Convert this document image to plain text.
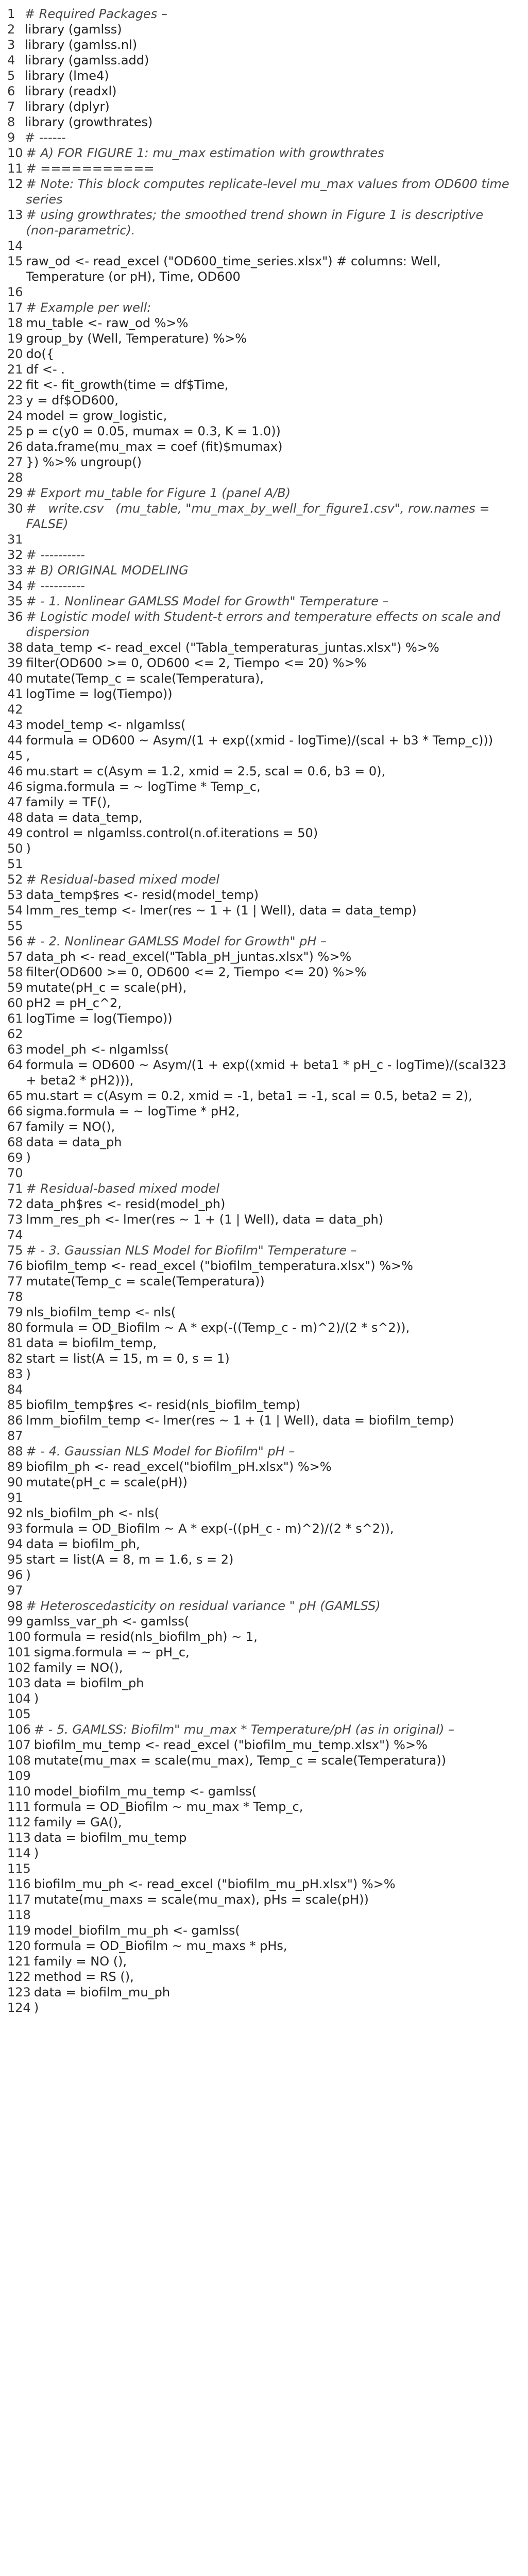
1 # Required Packages –
2 library (gamlss)
3 library (gamlss.nl)
4 library (gamlss.add)
5 library (lme4)
6 library (readxl)
7 library (dplyr)
8 library (growthrates)
9 # ------
10 # A) FOR FIGURE 1: mu_max estimation with growthrates
11 # ===========
12 # Note: This block computes replicate-level mu_max values from OD600 time series
13 # using growthrates; the smoothed trend shown in Figure 1 is descriptive (non-parametric).
14
15 raw_od <- read_excel ("OD600_time_series.xlsx") # columns: Well, Temperature (or pH), Time, OD600
16
17 # Example per well:
18 mu_table <- raw_od %>%
19 group_by (Well, Temperature) %>%
20 do({
21 df <- .
22 fit <- fit_growth(time = df$Time,
23 y = df$OD600,
24 model = grow_logistic,
25 p = c(y0 = 0.05, mumax = 0.3, K = 1.0))
26 data.frame(mu_max = coef (fit)$mumax)
27 }) %>% ungroup()
28
29 # Export mu_table for Figure 1 (panel A/B)
30 #   write.csv   (mu_table, "mu_max_by_well_for_figure1.csv", row.names = FALSE)
31
32 # ----------
33 # B) ORIGINAL MODELING
34 # ----------
35 # - 1. Nonlinear GAMLSS Model for Growth" Temperature –
36 # Logistic model with Student-t errors and temperature effects on scale and dispersion
38 data_temp <- read_excel ("Tabla_temperaturas_juntas.xlsx") %>%
39 filter(OD600 >= 0, OD600 <= 2, Tiempo <= 20) %>%
40 mutate(Temp_c = scale(Temperatura),
41 logTime = log(Tiempo))
42
43 model_temp <- nlgamlss(
44 formula = OD600 ~ Asym/(1 + exp((xmid - logTime)/(scal + b3 * Temp_c)))
45 ,
46 mu.start = c(Asym = 1.2, xmid = 2.5, scal = 0.6, b3 = 0),
46 sigma.formula = ~ logTime * Temp_c,
47 family = TF(),
48 data = data_temp,
49 control = nlgamlss.control(n.of.iterations = 50)
50 )
51
52 # Residual-based mixed model
53 data_temp$res <- resid(model_temp)
54 lmm_res_temp <- lmer(res ~ 1 + (1 | Well), data = data_temp)
55
56 # - 2. Nonlinear GAMLSS Model for Growth" pH –
57 data_ph <- read_excel("Tabla_pH_juntas.xlsx") %>%
58 filter(OD600 >= 0, OD600 <= 2, Tiempo <= 20) %>%
59 mutate(pH_c = scale(pH),
60 pH2 = pH_c^2,
61 logTime = log(Tiempo))
62
63 model_ph <- nlgamlss(
64 formula = OD600 ~ Asym/(1 + exp((xmid + beta1 * pH_c - logTime)/(scal323 + beta2 * pH2))),
65 mu.start = c(Asym = 0.2, xmid = -1, beta1 = -1, scal = 0.5, beta2 = 2),
66 sigma.formula = ~ logTime * pH2,
67 family = NO(),
68 data = data_ph
69 )
70
71 # Residual-based mixed model
72 data_ph$res <- resid(model_ph)
73 lmm_res_ph <- lmer(res ~ 1 + (1 | Well), data = data_ph)
74
75 # - 3. Gaussian NLS Model for Biofilm" Temperature –
76 biofilm_temp <- read_excel ("biofilm_temperatura.xlsx") %>%
77 mutate(Temp_c = scale(Temperatura))
78
79 nls_biofilm_temp <- nls(
80 formula = OD_Biofilm ~ A * exp(-((Temp_c - m)^2)/(2 * s^2)),
81 data = biofilm_temp,
82 start = list(A = 15, m = 0, s = 1)
83 )
84
85 biofilm_temp$res <- resid(nls_biofilm_temp)
86 lmm_biofilm_temp <- lmer(res ~ 1 + (1 | Well), data = biofilm_temp)
87
88 # - 4. Gaussian NLS Model for Biofilm" pH –
89 biofilm_ph <- read_excel("biofilm_pH.xlsx") %>%
90 mutate(pH_c = scale(pH))
91
92 nls_biofilm_ph <- nls(
93 formula = OD_Biofilm ~ A * exp(-((pH_c - m)^2)/(2 * s^2)),
94 data = biofilm_ph,
95 start = list(A = 8, m = 1.6, s = 2)
96 )
97
98 # Heteroscedasticity on residual variance " pH (GAMLSS)
99 gamlss_var_ph <- gamlss(
100 formula = resid(nls_biofilm_ph) ~ 1,
101 sigma.formula = ~ pH_c,
102 family = NO(),
103 data = biofilm_ph
104 )
105
106 # - 5. GAMLSS: Biofilm" mu_max * Temperature/pH (as in original) –
107 biofilm_mu_temp <- read_excel ("biofilm_mu_temp.xlsx") %>%
108 mutate(mu_max = scale(mu_max), Temp_c = scale(Temperatura))
109
110 model_biofilm_mu_temp <- gamlss(
111 formula = OD_Biofilm ~ mu_max * Temp_c,
112 family = GA(),
113 data = biofilm_mu_temp
114 )
115
116 biofilm_mu_ph <- read_excel ("biofilm_mu_pH.xlsx") %>%
117 mutate(mu_maxs = scale(mu_max), pHs = scale(pH))
118
119 model_biofilm_mu_ph <- gamlss(
120 formula = OD_Biofilm ~ mu_maxs * pHs,
121 family = NO (),
122 method = RS (),
123 data = biofilm_mu_ph
124 )
